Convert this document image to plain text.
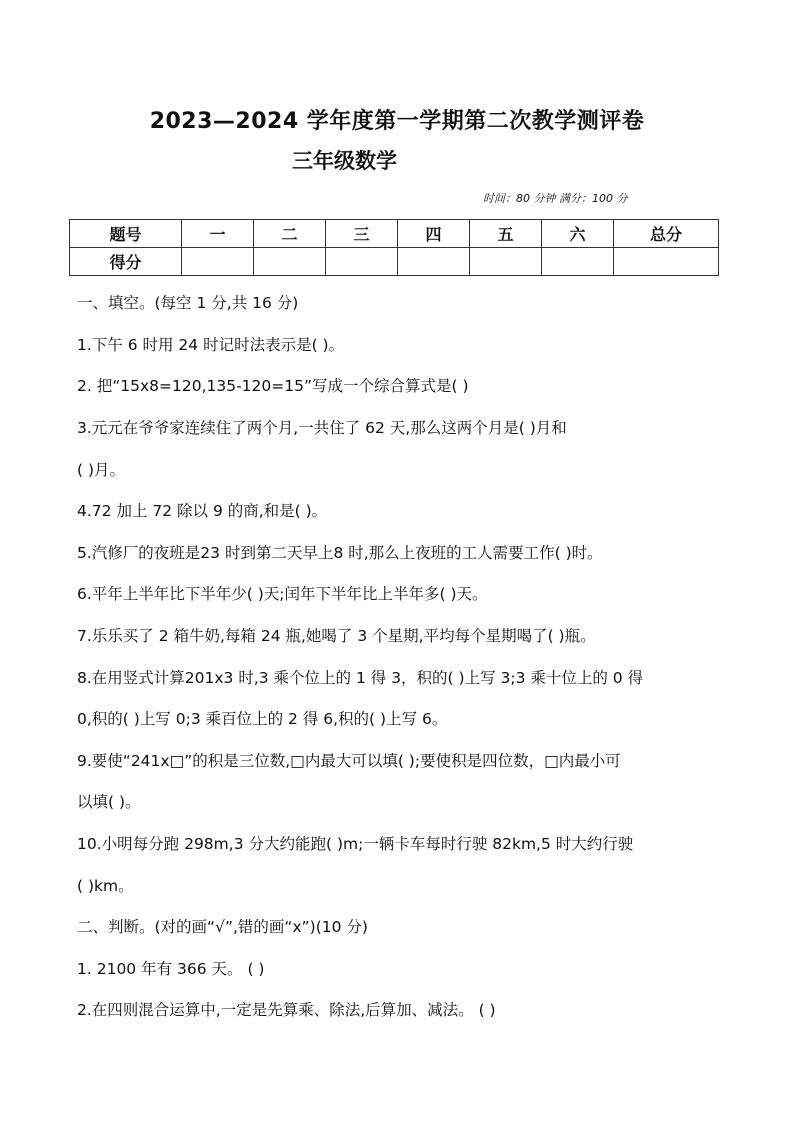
2023—2024 学年度第一学期第二次教学测评卷
三年级数学
时间：80 分钟 满分：100 分
题号	一	二	三	四	五	六	总分
得分							
一、填空。(每空 1 分,共 16 分)
1.下午 6 时用 24 时记时法表示是( )。
2. 把“15x8=120,135-120=15”写成一个综合算式是( )
3.元元在爷爷家连续住了两个月,一共住了 62 天,那么这两个月是( )月和
( )月。
4.72 加上 72 除以 9 的商,和是( )。
5.汽修厂的夜班是23 时到第二天早上8 时,那么上夜班的工人需要工作( )时。
6.平年上半年比下半年少( )天;闰年下半年比上半年多( )天。
7.乐乐买了 2 箱牛奶,每箱 24 瓶,她喝了 3 个星期,平均每个星期喝了( )瓶。
8.在用竖式计算201x3 时,3 乘个位上的 1 得 3，积的( )上写 3;3 乘十位上的 0 得
0,积的( )上写 0;3 乘百位上的 2 得 6,积的( )上写 6。
9.要使“241x□”的积是三位数,□内最大可以填( );要使积是四位数，□内最小可
以填( )。
10.小明每分跑 298m,3 分大约能跑( )m;一辆卡车每时行驶 82km,5 时大约行驶
( )km。
二、判断。(对的画“√”,错的画“x”)(10 分)
1. 2100 年有 366 天。 ( )
2.在四则混合运算中,一定是先算乘、除法,后算加、减法。 ( )
